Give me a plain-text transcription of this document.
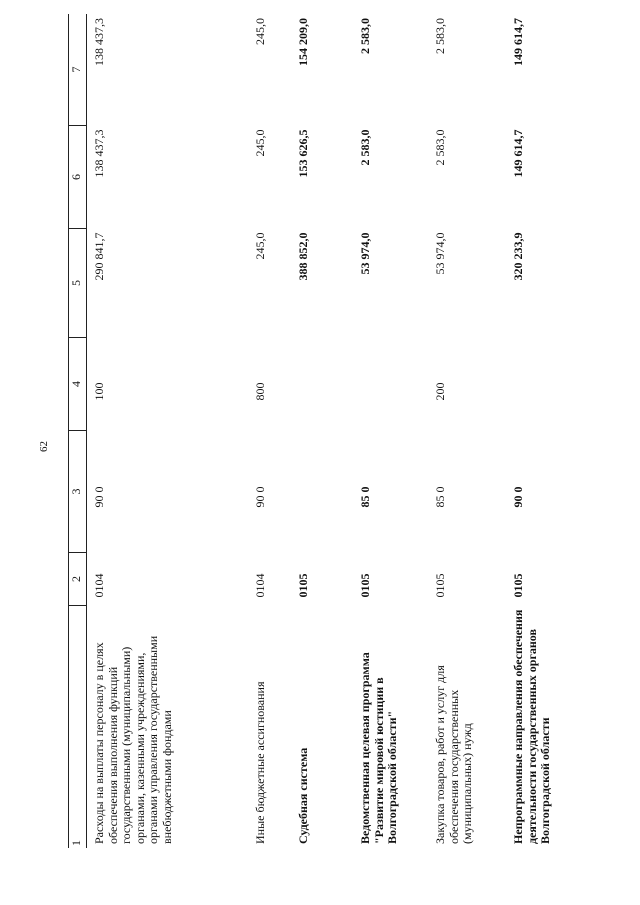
62
1	2	3	4	5	6	7
Расходы на выплаты персоналу в целях обеспечения выполнения функций государственными (муниципальными) органами, казенными учреждениями, органами управления государственными внебюджетными фондами	0104	90 0	100	290 841,7	138 437,3	138 437,3
Иные бюджетные ассигнования	0104	90 0	800	245,0	245,0	245,0
Судебная система	0105			388 852,0	153 626,5	154 209,0
Ведомственная целевая программа "Развитие мировой юстиции в Волгоградской области"	0105	85 0		53 974,0	2 583,0	2 583,0
Закупка товаров, работ и услуг для обеспечения государственных (муниципальных) нужд	0105	85 0	200	53 974,0	2 583,0	2 583,0
Непрограммные направления обеспечения деятельности государственных органов Волгоградской области	0105	90 0		320 233,9	149 614,7	149 614,7
